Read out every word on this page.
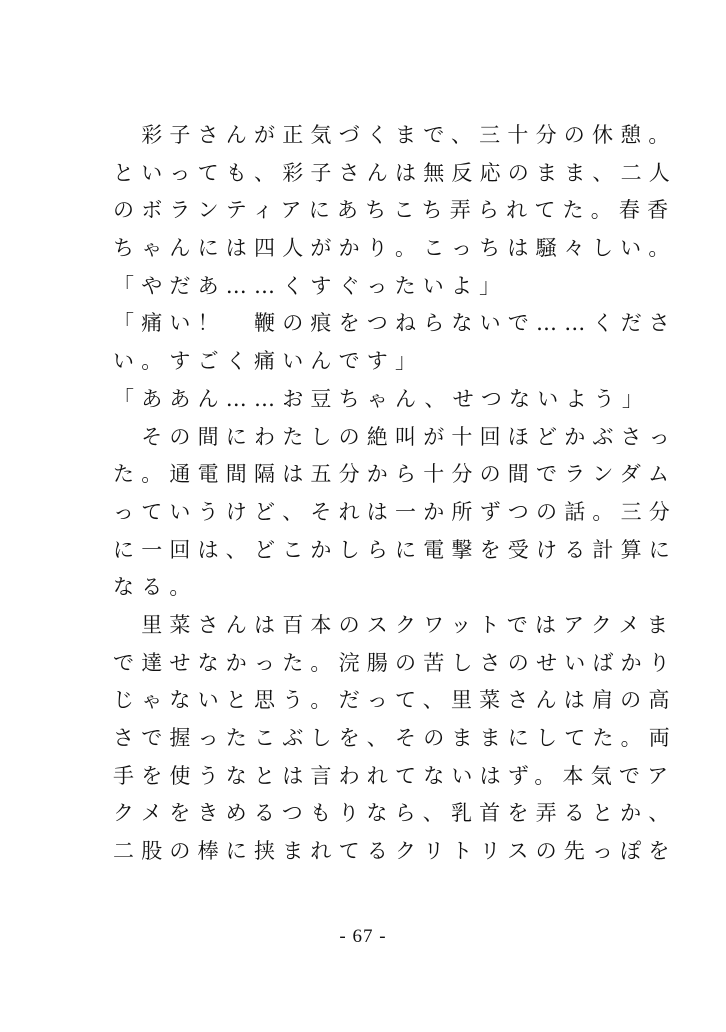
　彩子さんが正気づくまで、三十分の休憩。
といっても、彩子さんは無反応のまま、二人
のボランティアにあちこち弄られてた。春香
ちゃんには四人がかり。こっちは騒々しい。
「やだあ……くすぐったいよ」
「痛い！　鞭の痕をつねらないで……くださ
い。すごく痛いんです」
「ああん……お豆ちゃん、せつないよう」
　その間にわたしの絶叫が十回ほどかぶさっ
た。通電間隔は五分から十分の間でランダム
っていうけど、それは一か所ずつの話。三分
に一回は、どこかしらに電撃を受ける計算に
なる。
　里菜さんは百本のスクワットではアクメま
で達せなかった。浣腸の苦しさのせいばかり
じゃないと思う。だって、里菜さんは肩の高
さで握ったこぶしを、そのままにしてた。両
手を使うなとは言われてないはず。本気でア
クメをきめるつもりなら、乳首を弄るとか、
二股の棒に挟まれてるクリトリスの先っぽを
- 67 -
